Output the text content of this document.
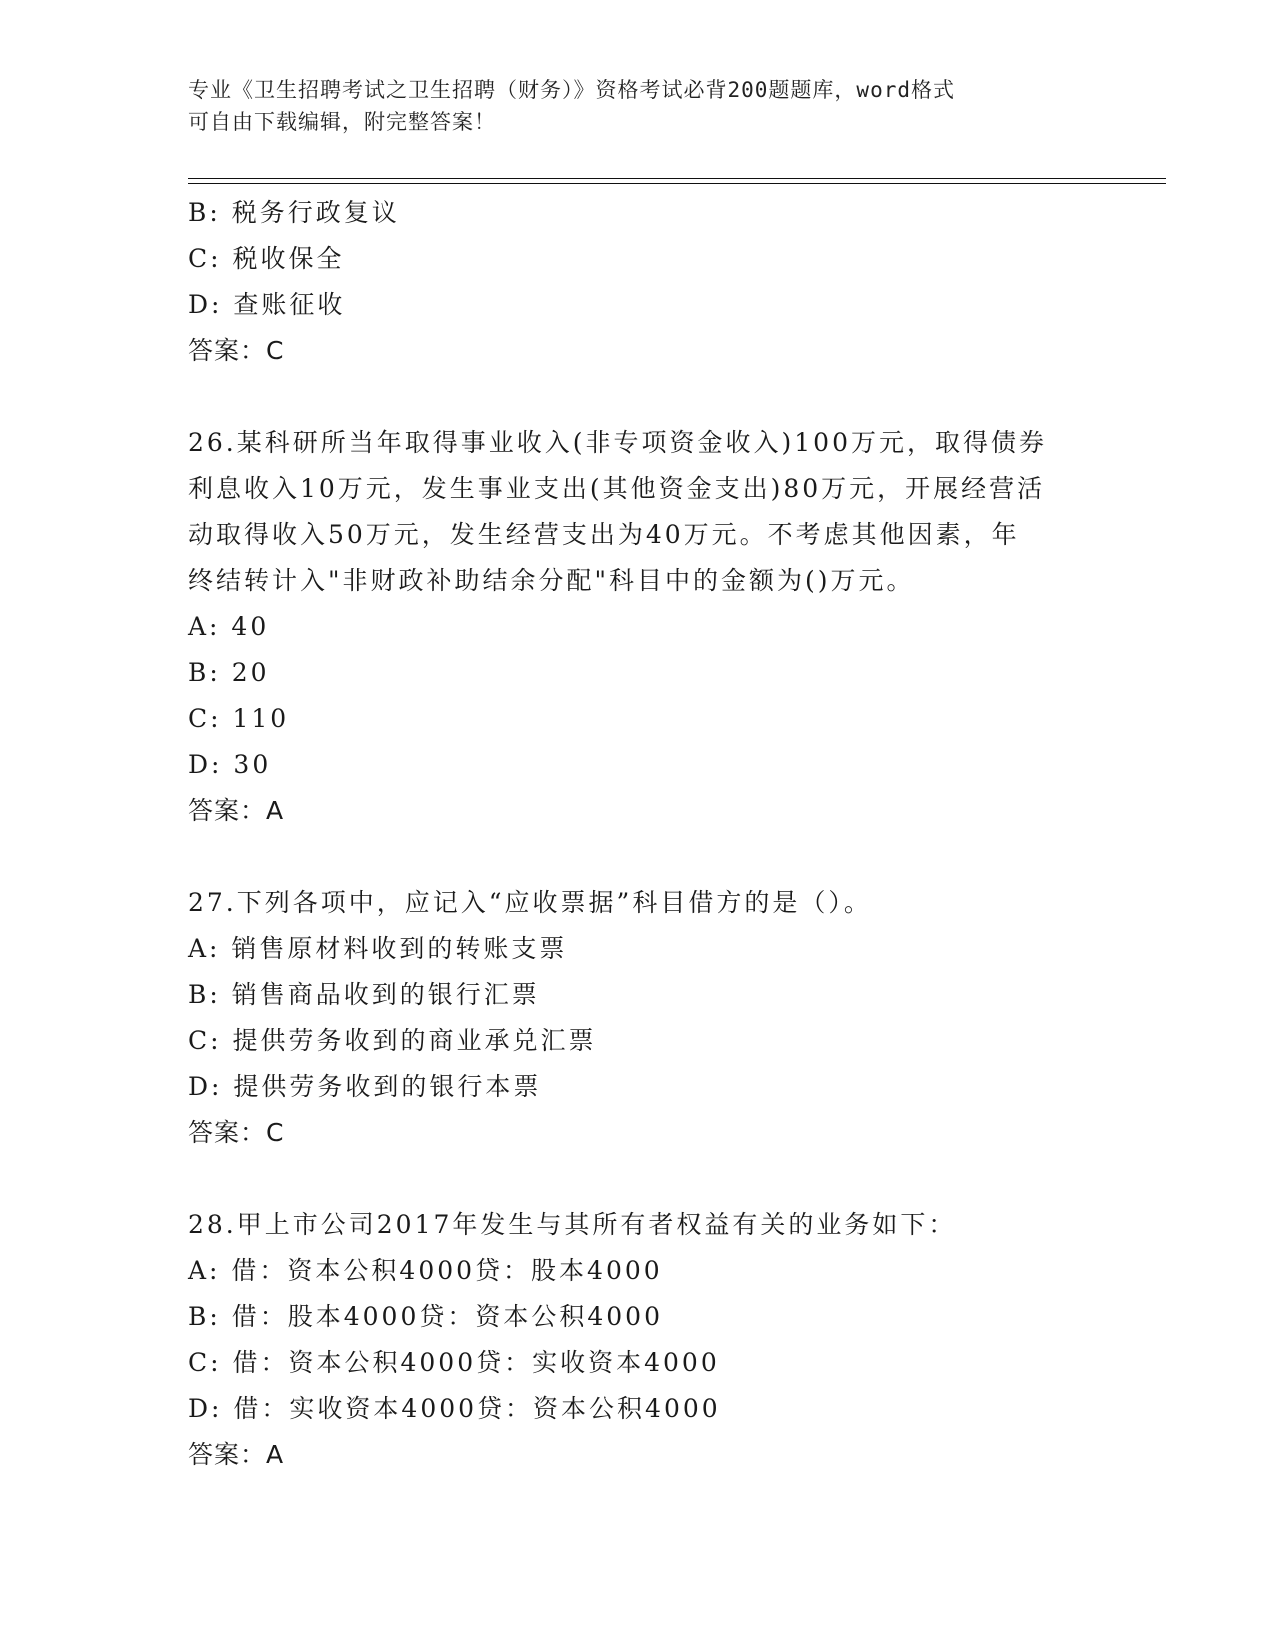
专业《卫生招聘考试之卫生招聘（财务）》资格考试必背200题题库，word格式
可自由下载编辑，附完整答案！
B: 税务行政复议
C: 税收保全
D: 查账征收
答案：C
26.某科研所当年取得事业收入(非专项资金收入)100万元，取得债券
利息收入10万元，发生事业支出(其他资金支出)80万元，开展经营活
动取得收入50万元，发生经营支出为40万元。不考虑其他因素，年
终结转计入"非财政补助结余分配"科目中的金额为()万元。
A: 40
B: 20
C: 110
D: 30
答案：A
27.下列各项中，应记入“应收票据”科目借方的是（）。
A: 销售原材料收到的转账支票
B: 销售商品收到的银行汇票
C: 提供劳务收到的商业承兑汇票
D: 提供劳务收到的银行本票
答案：C
28.甲上市公司2017年发生与其所有者权益有关的业务如下：
A: 借：资本公积4000贷：股本4000
B: 借：股本4000贷：资本公积4000
C: 借：资本公积4000贷：实收资本4000
D: 借：实收资本4000贷：资本公积4000
答案：A
